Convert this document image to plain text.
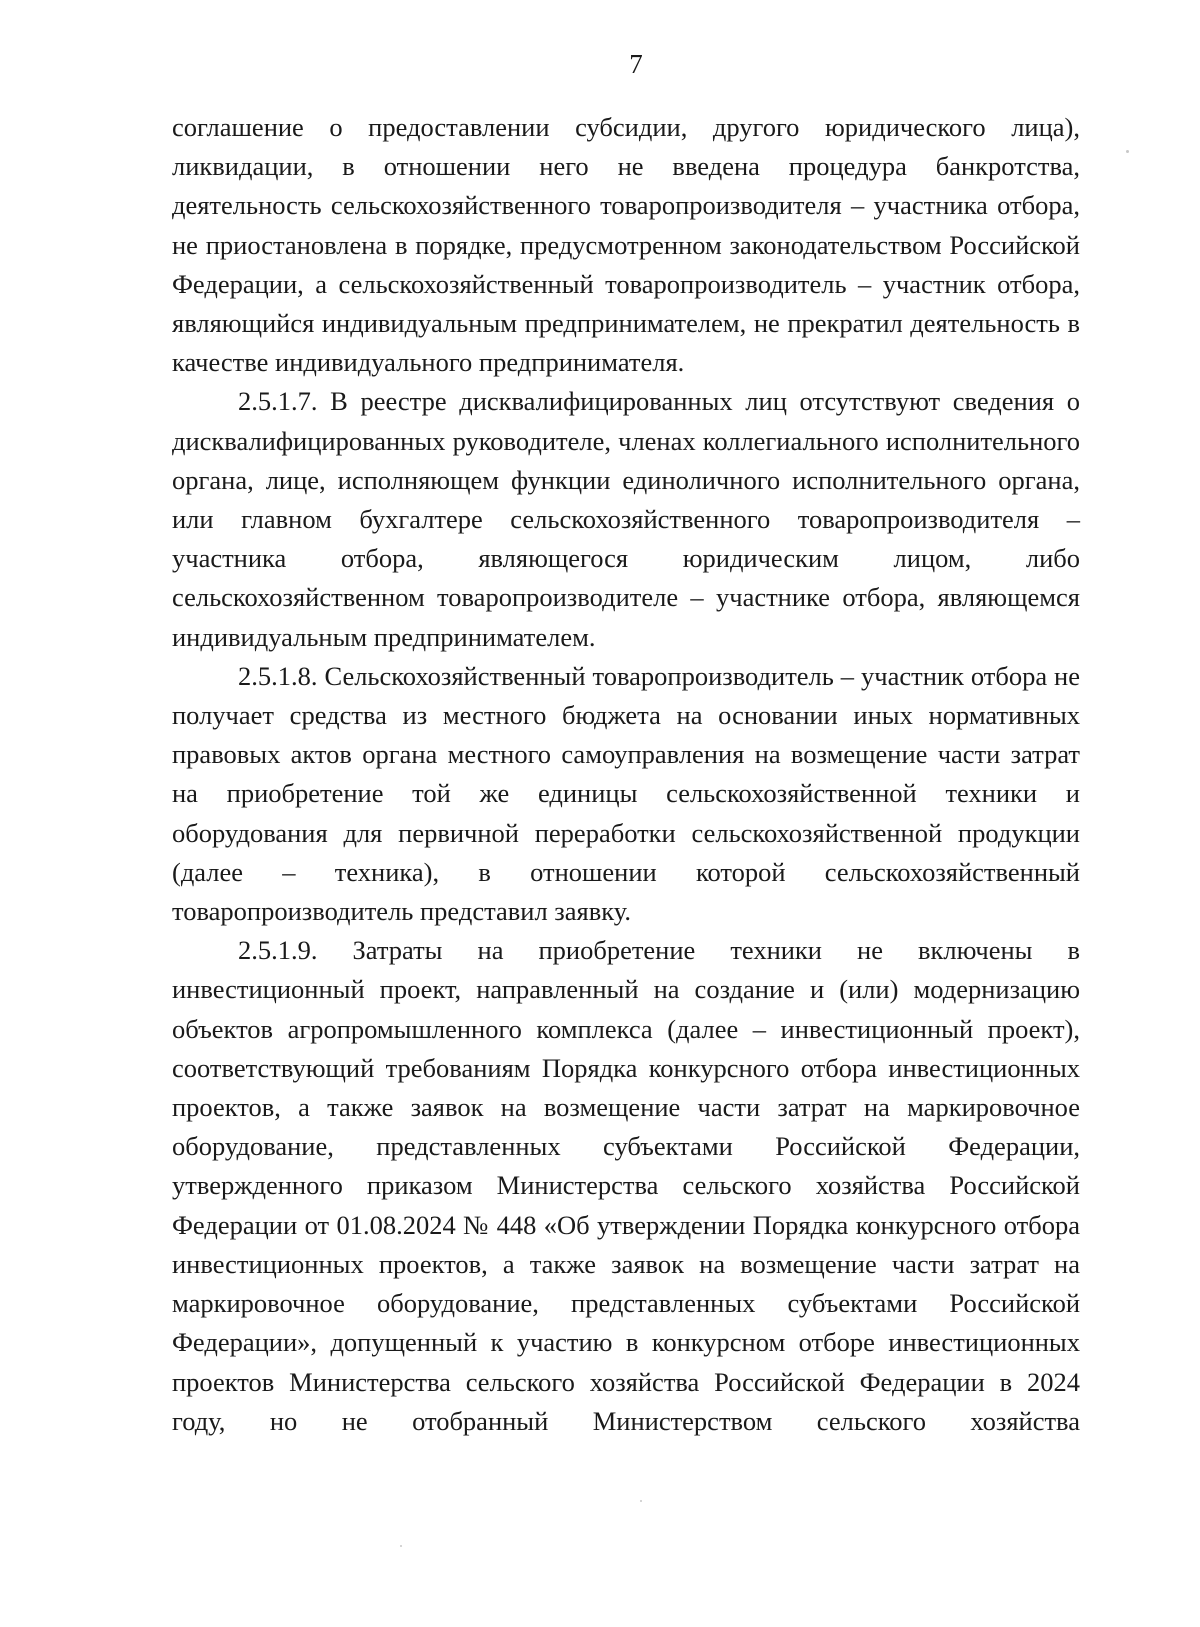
7

соглашение о предоставлении субсидии, другого юридического лица), ликвидации, в отношении него не введена процедура банкротства, деятельность сельскохозяйственного товаропроизводителя – участника отбора, не приостановлена в порядке, предусмотренном законодательством Российской Федерации, а сельскохозяйственный товаропроизводитель – участник отбора, являющийся индивидуальным предпринимателем, не прекратил деятельность в качестве индивидуального предпринимателя.

2.5.1.7. В реестре дисквалифицированных лиц отсутствуют сведения о дисквалифицированных руководителе, членах коллегиального исполнительного органа, лице, исполняющем функции единоличного исполнительного органа, или главном бухгалтере сельскохозяйственного товаропроизводителя – участника отбора, являющегося юридическим лицом, либо сельскохозяйственном товаропроизводителе – участнике отбора, являющемся индивидуальным предпринимателем.

2.5.1.8. Сельскохозяйственный товаропроизводитель – участник отбора не получает средства из местного бюджета на основании иных нормативных правовых актов органа местного самоуправления на возмещение части затрат на приобретение той же единицы сельскохозяйственной техники и оборудования для первичной переработки сельскохозяйственной продукции (далее – техника), в отношении которой сельскохозяйственный товаропроизводитель представил заявку.

2.5.1.9. Затраты на приобретение техники не включены в инвестиционный проект, направленный на создание и (или) модернизацию объектов агропромышленного комплекса (далее – инвестиционный проект), соответствующий требованиям Порядка конкурсного отбора инвестиционных проектов, а также заявок на возмещение части затрат на маркировочное оборудование, представленных субъектами Российской Федерации, утвержденного приказом Министерства сельского хозяйства Российской Федерации от 01.08.2024 № 448 «Об утверждении Порядка конкурсного отбора инвестиционных проектов, а также заявок на возмещение части затрат на маркировочное оборудование, представленных субъектами Российской Федерации», допущенный к участию в конкурсном отборе инвестиционных проектов Министерства сельского хозяйства Российской Федерации в 2024 году, но не отобранный Министерством сельского хозяйства
